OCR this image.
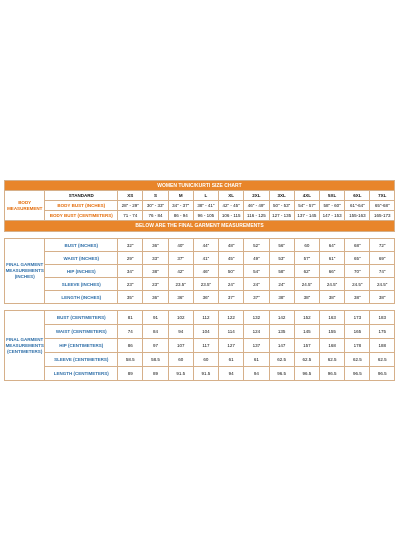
WOMEN TUNIC/KURTI SIZE CHART												
BODY MEASUREMENT	STANDARD	XS	S	M	L	XL	2XL	3XL	4XL	5XL	6XL	7XL
	BODY BUST (INCHES)	28" - 29"	30" - 33"	34" - 37"	38" - 41"	42" - 45"	46" - 49"	50" - 53"	54" - 57"	58" - 60"	61"-64"	65"-68"
	BODY BUST (CENTIMETERS)	71 - 74	76 - 84	86 - 94	96 - 105	106 - 115	116 - 125	127 - 135	137 - 145	147 - 153	155-163	165-173
BELOW ARE THE FINAL GARMENT MEASUREMENTS												

FINAL GARMENT MEASUREMENTS (INCHES)	BUST (INCHES)	32"	36"	40"	44"	48"	52"	56"	60	64"	68"	72"
	WAIST (INCHES)	29"	33"	37"	41"	45"	49"	53"	57"	61"	65"	69"
	HIP (INCHES)	34"	38"	42"	46"	50"	54"	58"	62"	66"	70"	74"
	SLEEVE (INCHES)	23"	23"	23.5"	23.5"	24"	24"	24"	24.5"	24.5"	24.5"	24.5"
	LENGTH (INCHES)	35"	36"	36"	36"	37"	37"	38"	38"	38"	38"	38"

FINAL GARMENT MEASUREMENTS (CENTIMETERS)	BUST (CENTIMETERS)	81	91	102	112	122	132	142	152	163	173	183
	WAIST (CENTIMETERS)	74	84	94	104	114	124	135	145	155	165	175
	HIP (CENTIMETERS)	86	97	107	117	127	137	147	157	168	178	188
	SLEEVE (CENTIMETERS)	58.5	58.5	60	60	61	61	62.5	62.5	62.5	62.5	62.5
	LENGTH (CENTIMETERS)	89	89	91.5	91.5	94	94	96.5	96.5	96.5	96.5	96.5
